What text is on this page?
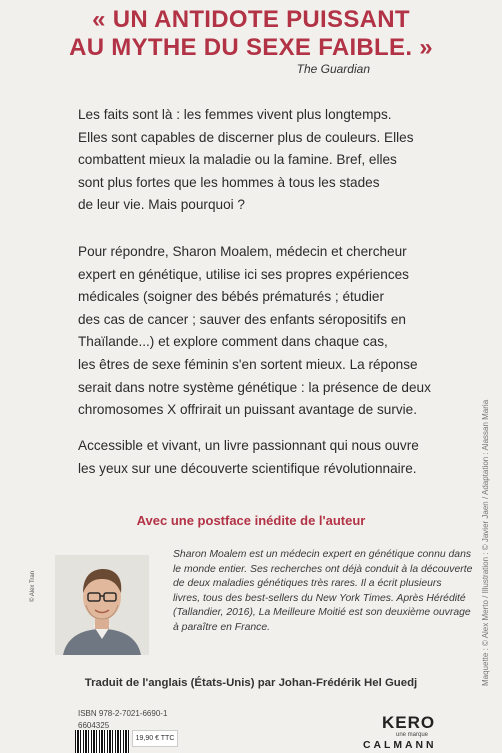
« UN ANTIDOTE PUISSANT
AU MYTHE DU SEXE FAIBLE. »
The Guardian
Les faits sont là : les femmes vivent plus longtemps.
Elles sont capables de discerner plus de couleurs. Elles
combattent mieux la maladie ou la famine. Bref, elles
sont plus fortes que les hommes à tous les stades
de leur vie. Mais pourquoi ?
Pour répondre, Sharon Moalem, médecin et chercheur
expert en génétique, utilise ici ses propres expériences
médicales (soigner des bébés prématurés ; étudier
des cas de cancer ; sauver des enfants séropositifs en
Thaïlande...) et explore comment dans chaque cas,
les êtres de sexe féminin s'en sortent mieux. La réponse
serait dans notre système génétique : la présence de deux
chromosomes X offrirait un puissant avantage de survie.
Accessible et vivant, un livre passionnant qui nous ouvre
les yeux sur une découverte scientifique révolutionnaire.
Avec une postface inédite de l'auteur
© Alex Tran
Sharon Moalem est un médecin expert en génétique connu dans
le monde entier. Ses recherches ont déjà conduit à la découverte
de deux maladies génétiques très rares. Il a écrit plusieurs
livres, tous des best-sellers du New York Times. Après Hérédité
(Tallandier, 2016), La Meilleure Moitié est son deuxième ouvrage
à paraître en France.
Traduit de l'anglais (États-Unis) par Johan-Frédérik Hel Guedj	Maquette : © Alex Merto / Illustration : © Javier Jaen / Adaptation : Alassan Maria
ISBN 978-2-7021-6690-1
6604325
19,90 € TTC
KERO
une marque
CALMANN
